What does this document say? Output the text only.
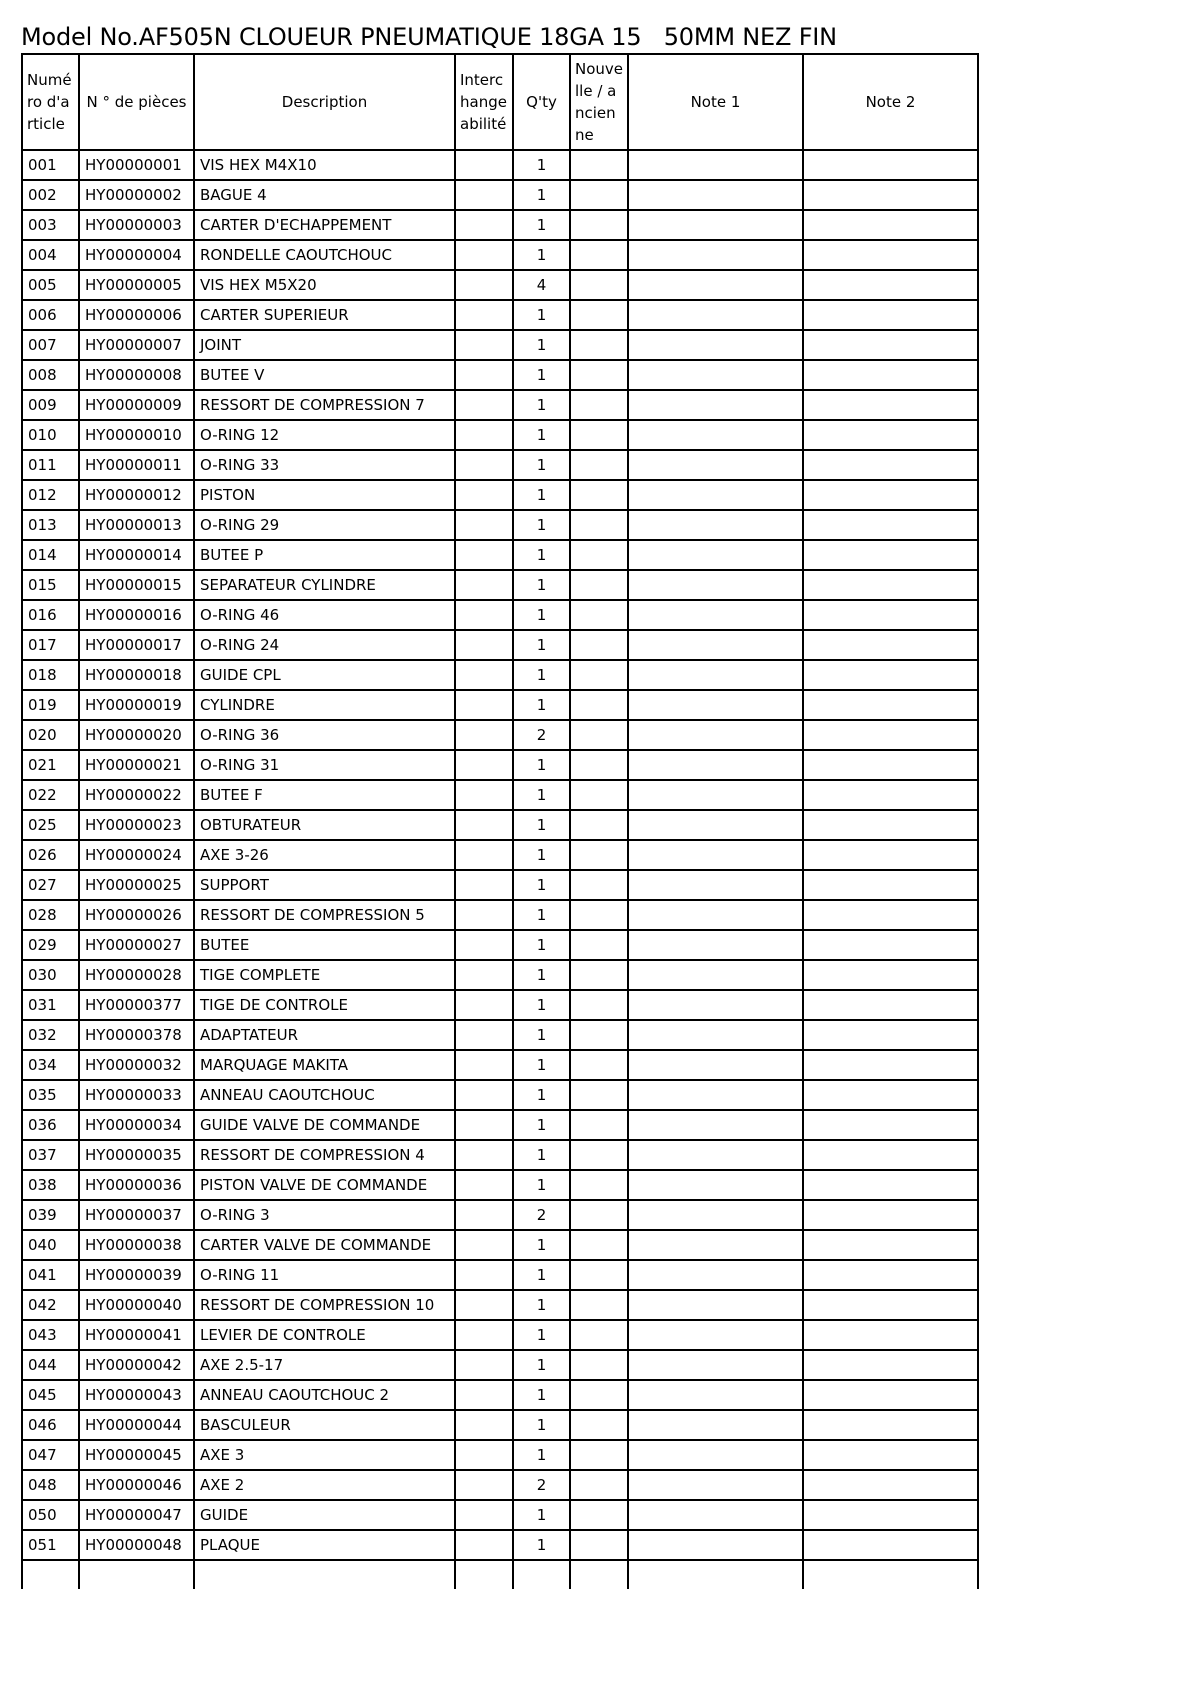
Model No.AF505N CLOUEUR PNEUMATIQUE 18GA 15   50MM NEZ FIN
Numéro d'article	N ° de pièces	Description	Interchangeabilité	Q'ty	Nouvelle / ancienne	Note 1	Note 2
001	HY00000001	VIS HEX M4X10		1			
002	HY00000002	BAGUE 4		1			
003	HY00000003	CARTER D'ECHAPPEMENT		1			
004	HY00000004	RONDELLE CAOUTCHOUC		1			
005	HY00000005	VIS HEX M5X20		4			
006	HY00000006	CARTER SUPERIEUR		1			
007	HY00000007	JOINT		1			
008	HY00000008	BUTEE V		1			
009	HY00000009	RESSORT DE COMPRESSION 7		1			
010	HY00000010	O-RING 12		1			
011	HY00000011	O-RING 33		1			
012	HY00000012	PISTON		1			
013	HY00000013	O-RING 29		1			
014	HY00000014	BUTEE P		1			
015	HY00000015	SEPARATEUR CYLINDRE		1			
016	HY00000016	O-RING 46		1			
017	HY00000017	O-RING 24		1			
018	HY00000018	GUIDE CPL		1			
019	HY00000019	CYLINDRE		1			
020	HY00000020	O-RING 36		2			
021	HY00000021	O-RING 31		1			
022	HY00000022	BUTEE F		1			
025	HY00000023	OBTURATEUR		1			
026	HY00000024	AXE 3-26		1			
027	HY00000025	SUPPORT		1			
028	HY00000026	RESSORT DE COMPRESSION 5		1			
029	HY00000027	BUTEE		1			
030	HY00000028	TIGE COMPLETE		1			
031	HY00000377	TIGE DE CONTROLE		1			
032	HY00000378	ADAPTATEUR		1			
034	HY00000032	MARQUAGE MAKITA		1			
035	HY00000033	ANNEAU CAOUTCHOUC		1			
036	HY00000034	GUIDE VALVE DE COMMANDE		1			
037	HY00000035	RESSORT DE COMPRESSION 4		1			
038	HY00000036	PISTON VALVE DE COMMANDE		1			
039	HY00000037	O-RING 3		2			
040	HY00000038	CARTER VALVE DE COMMANDE		1			
041	HY00000039	O-RING 11		1			
042	HY00000040	RESSORT DE COMPRESSION 10		1			
043	HY00000041	LEVIER DE CONTROLE		1			
044	HY00000042	AXE 2.5-17		1			
045	HY00000043	ANNEAU CAOUTCHOUC 2		1			
046	HY00000044	BASCULEUR		1			
047	HY00000045	AXE 3		1			
048	HY00000046	AXE 2		2			
050	HY00000047	GUIDE		1			
051	HY00000048	PLAQUE		1			
